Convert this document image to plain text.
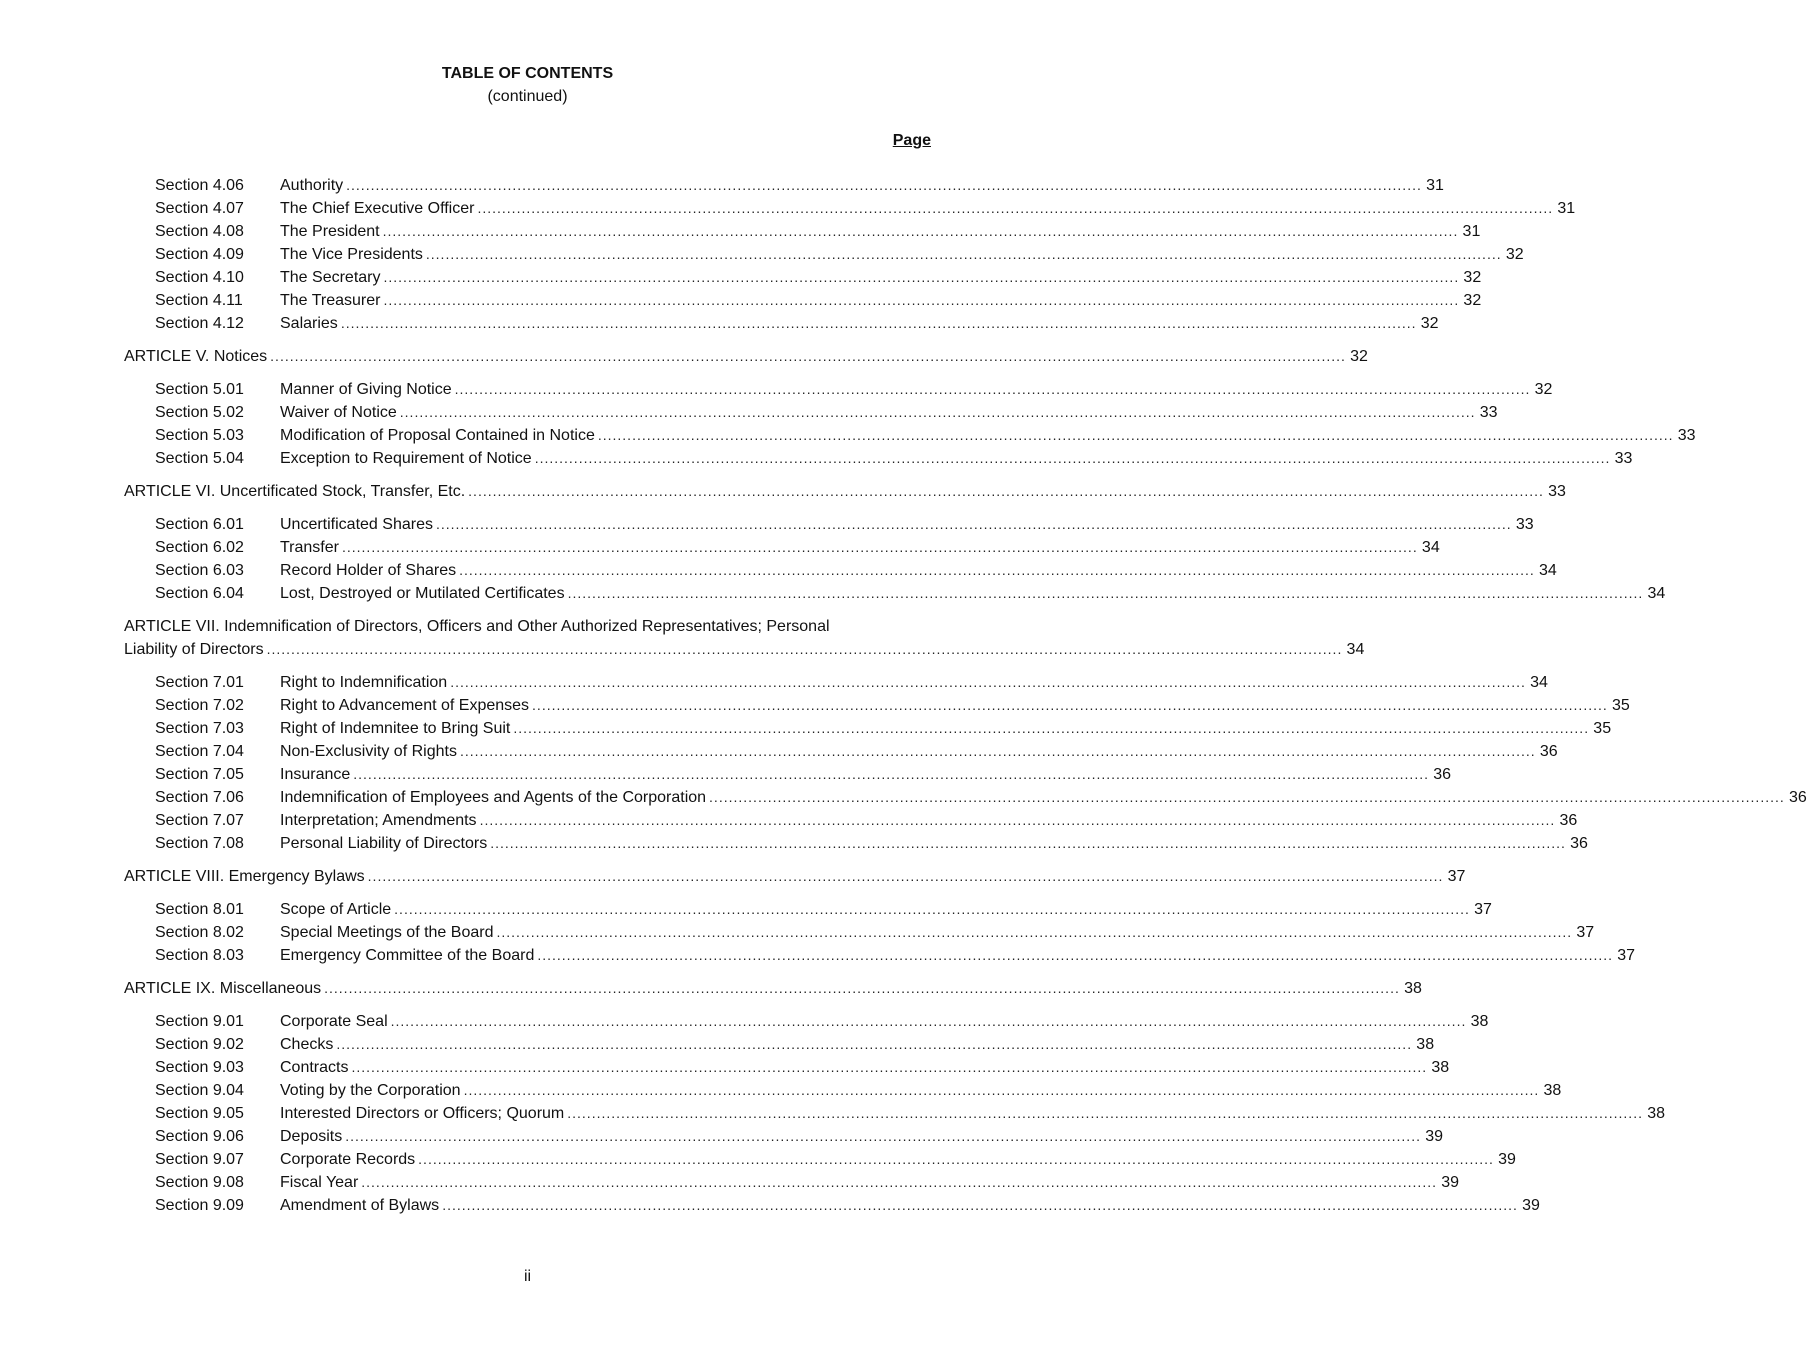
TABLE OF CONTENTS
(continued)
Page
Section 4.06	Authority ............................................................................................................................................................................................................................ 31
Section 4.07	The Chief Executive Officer ............................................................................................................................................................................................................................ 31
Section 4.08	The President ............................................................................................................................................................................................................................ 31
Section 4.09	The Vice Presidents ............................................................................................................................................................................................................................ 32
Section 4.10	The Secretary ............................................................................................................................................................................................................................ 32
Section 4.11	The Treasurer ............................................................................................................................................................................................................................ 32
Section 4.12	Salaries ............................................................................................................................................................................................................................ 32
ARTICLE V. Notices ............................................................................................................................................................................................................................ 32
Section 5.01	Manner of Giving Notice ............................................................................................................................................................................................................................ 32
Section 5.02	Waiver of Notice ............................................................................................................................................................................................................................ 33
Section 5.03	Modification of Proposal Contained in Notice ............................................................................................................................................................................................................................ 33
Section 5.04	Exception to Requirement of Notice ............................................................................................................................................................................................................................ 33
ARTICLE VI. Uncertificated Stock, Transfer, Etc. ............................................................................................................................................................................................................................ 33
Section 6.01	Uncertificated Shares ............................................................................................................................................................................................................................ 33
Section 6.02	Transfer ............................................................................................................................................................................................................................ 34
Section 6.03	Record Holder of Shares ............................................................................................................................................................................................................................ 34
Section 6.04	Lost, Destroyed or Mutilated Certificates ............................................................................................................................................................................................................................ 34
ARTICLE VII. Indemnification of Directors, Officers and Other Authorized Representatives; Personal
Liability of Directors ............................................................................................................................................................................................................................ 34
Section 7.01	Right to Indemnification ............................................................................................................................................................................................................................ 34
Section 7.02	Right to Advancement of Expenses ............................................................................................................................................................................................................................ 35
Section 7.03	Right of Indemnitee to Bring Suit ............................................................................................................................................................................................................................ 35
Section 7.04	Non-Exclusivity of Rights ............................................................................................................................................................................................................................ 36
Section 7.05	Insurance ............................................................................................................................................................................................................................ 36
Section 7.06	Indemnification of Employees and Agents of the Corporation ............................................................................................................................................................................................................................ 36
Section 7.07	Interpretation; Amendments ............................................................................................................................................................................................................................ 36
Section 7.08	Personal Liability of Directors ............................................................................................................................................................................................................................ 36
ARTICLE VIII. Emergency Bylaws ............................................................................................................................................................................................................................ 37
Section 8.01	Scope of Article ............................................................................................................................................................................................................................ 37
Section 8.02	Special Meetings of the Board ............................................................................................................................................................................................................................ 37
Section 8.03	Emergency Committee of the Board ............................................................................................................................................................................................................................ 37
ARTICLE IX. Miscellaneous ............................................................................................................................................................................................................................ 38
Section 9.01	Corporate Seal ............................................................................................................................................................................................................................ 38
Section 9.02	Checks ............................................................................................................................................................................................................................ 38
Section 9.03	Contracts ............................................................................................................................................................................................................................ 38
Section 9.04	Voting by the Corporation ............................................................................................................................................................................................................................ 38
Section 9.05	Interested Directors or Officers; Quorum ............................................................................................................................................................................................................................ 38
Section 9.06	Deposits ............................................................................................................................................................................................................................ 39
Section 9.07	Corporate Records ............................................................................................................................................................................................................................ 39
Section 9.08	Fiscal Year ............................................................................................................................................................................................................................ 39
Section 9.09	Amendment of Bylaws ............................................................................................................................................................................................................................ 39
ii
